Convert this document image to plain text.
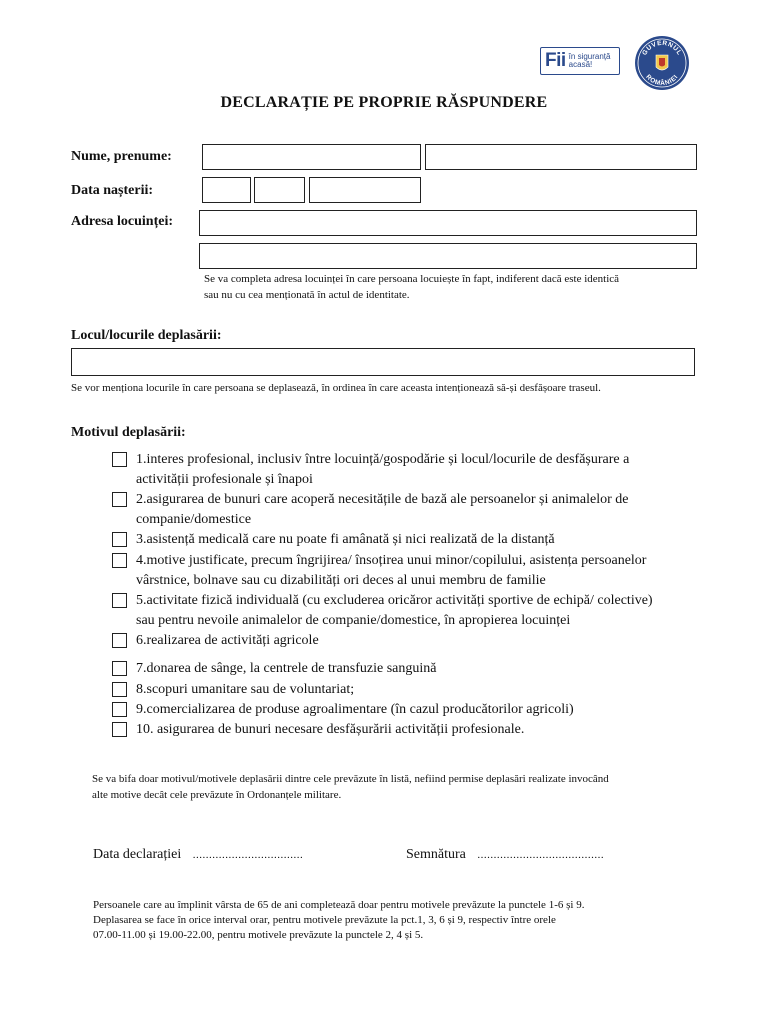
Fii în siguranță
acasă!
GUVERNUL
ROMÂNIEI
DECLARAȚIE PE PROPRIE RĂSPUNDERE
Nume, prenume:
Data nașterii:
Adresa locuinței:
Se va completa adresa locuinței în care persoana locuiește în fapt, indiferent dacă este identică
sau nu cu cea menționată în actul de identitate.
Locul/locurile deplasării:
Se vor menționa locurile în care persoana se deplasează, în ordinea în care aceasta intenționează să-și desfășoare traseul.
Motivul deplasării:
1.interes profesional, inclusiv între locuință/gospodărie și locul/locurile de desfășurare a
activității profesionale și înapoi
2.asigurarea de bunuri care acoperă necesitățile de bază ale persoanelor și animalelor de
companie/domestice
3.asistență medicală care nu poate fi amânată și nici realizată de la distanță
4.motive justificate, precum îngrijirea/ însoțirea unui minor/copilului, asistența persoanelor
vârstnice, bolnave sau cu dizabilități ori deces al unui membru de familie
5.activitate fizică individuală (cu excluderea oricăror activități sportive de echipă/ colective)
sau pentru nevoile animalelor de companie/domestice, în apropierea locuinței
6.realizarea de activități agricole
7.donarea de sânge, la centrele de transfuzie sanguină
8.scopuri umanitare sau de voluntariat;
9.comercializarea de produse agroalimentare (în cazul producătorilor agricoli)
10. asigurarea de bunuri necesare desfășurării activității profesionale.
Se va bifa doar motivul/motivele deplasării dintre cele prevăzute în listă, nefiind permise deplasări realizate invocând
alte motive decât cele prevăzute în Ordonanțele militare.
Data declarației ..................................	Semnătura .......................................
Persoanele care au împlinit vârsta de 65 de ani completează doar pentru motivele prevăzute la punctele 1-6 și 9.
Deplasarea se face în orice interval orar, pentru motivele prevăzute la pct.1, 3, 6 și 9, respectiv între orele
07.00-11.00 și 19.00-22.00, pentru motivele prevăzute la punctele 2, 4 și 5.
